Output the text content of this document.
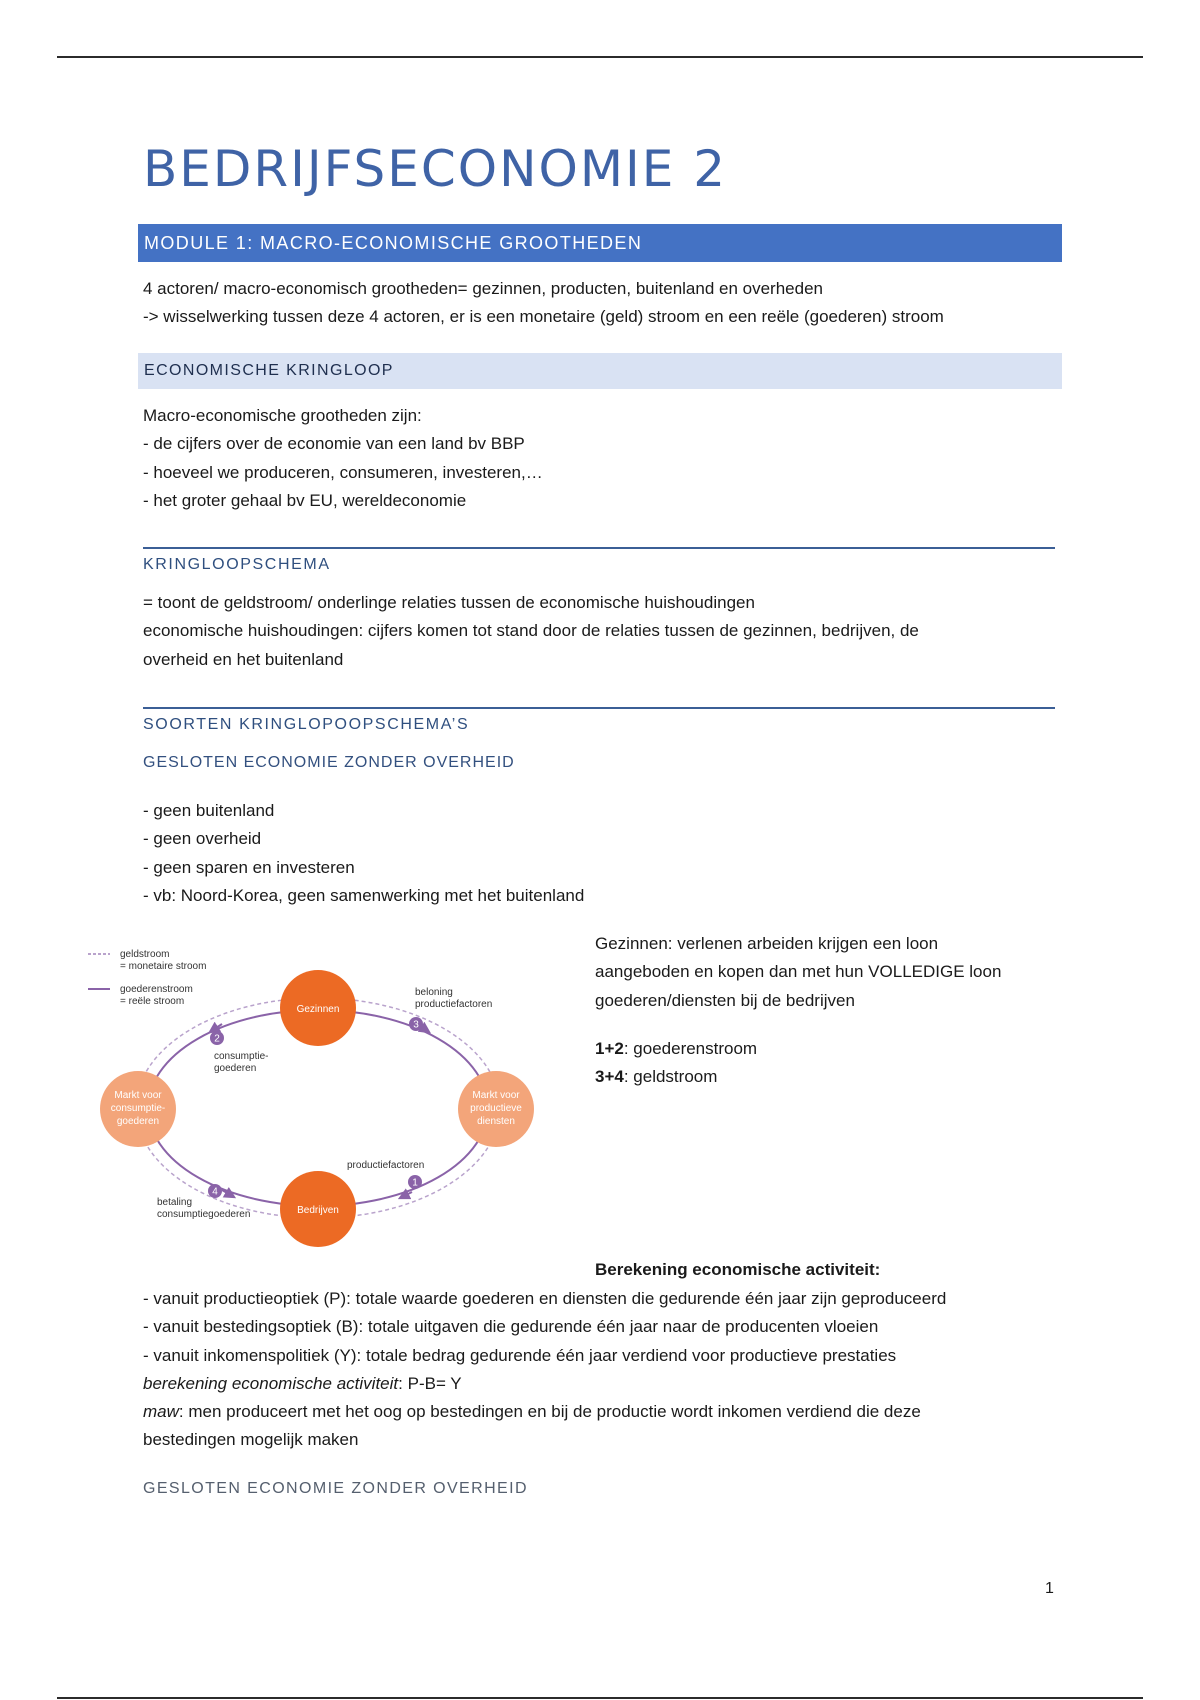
BEDRIJFSECONOMIE 2
MODULE 1: MACRO-ECONOMISCHE GROOTHEDEN
4 actoren/ macro-economisch grootheden= gezinnen, producten, buitenland en overheden
-> wisselwerking tussen deze 4 actoren, er is een monetaire (geld) stroom en een reële (goederen) stroom
ECONOMISCHE KRINGLOOP
Macro-economische grootheden zijn:
- de cijfers over de economie van een land bv BBP
- hoeveel we produceren, consumeren, investeren,…
- het groter gehaal bv EU, wereldeconomie
KRINGLOOPSCHEMA
= toont de geldstroom/ onderlinge relaties tussen de economische huishoudingen
economische huishoudingen: cijfers komen tot stand door de relaties tussen de gezinnen, bedrijven, de
overheid en het buitenland
SOORTEN KRINGLOPOOPSCHEMA’S
GESLOTEN ECONOMIE ZONDER OVERHEID
- geen buitenland
- geen overheid
- geen sparen en investeren
- vb: Noord-Korea, geen samenwerking met het buitenland
geldstroom
= monetaire stroom
goederenstroom
= reële stroom
Gezinnen
Bedrijven
Markt voor
consumptie-
goederen
Markt voor
productieve
diensten
beloning
productiefactoren
consumptie-
goederen
productiefactoren
betaling
consumptiegoederen
3
2
1
4
Gezinnen: verlenen arbeiden krijgen een loon
aangeboden en kopen dan met hun VOLLEDIGE loon
goederen/diensten bij de bedrijven
1+2: goederenstroom
3+4: geldstroom
Berekening economische activiteit:
- vanuit productieoptiek (P): totale waarde goederen en diensten die gedurende één jaar zijn geproduceerd
- vanuit bestedingsoptiek (B): totale uitgaven die gedurende één jaar naar de producenten vloeien
- vanuit inkomenspolitiek (Y): totale bedrag gedurende één jaar verdiend voor productieve prestaties
berekening economische activiteit: P-B= Y
maw: men produceert met het oog op bestedingen en bij de productie wordt inkomen verdiend die deze
bestedingen mogelijk maken
GESLOTEN ECONOMIE ZONDER OVERHEID
1
